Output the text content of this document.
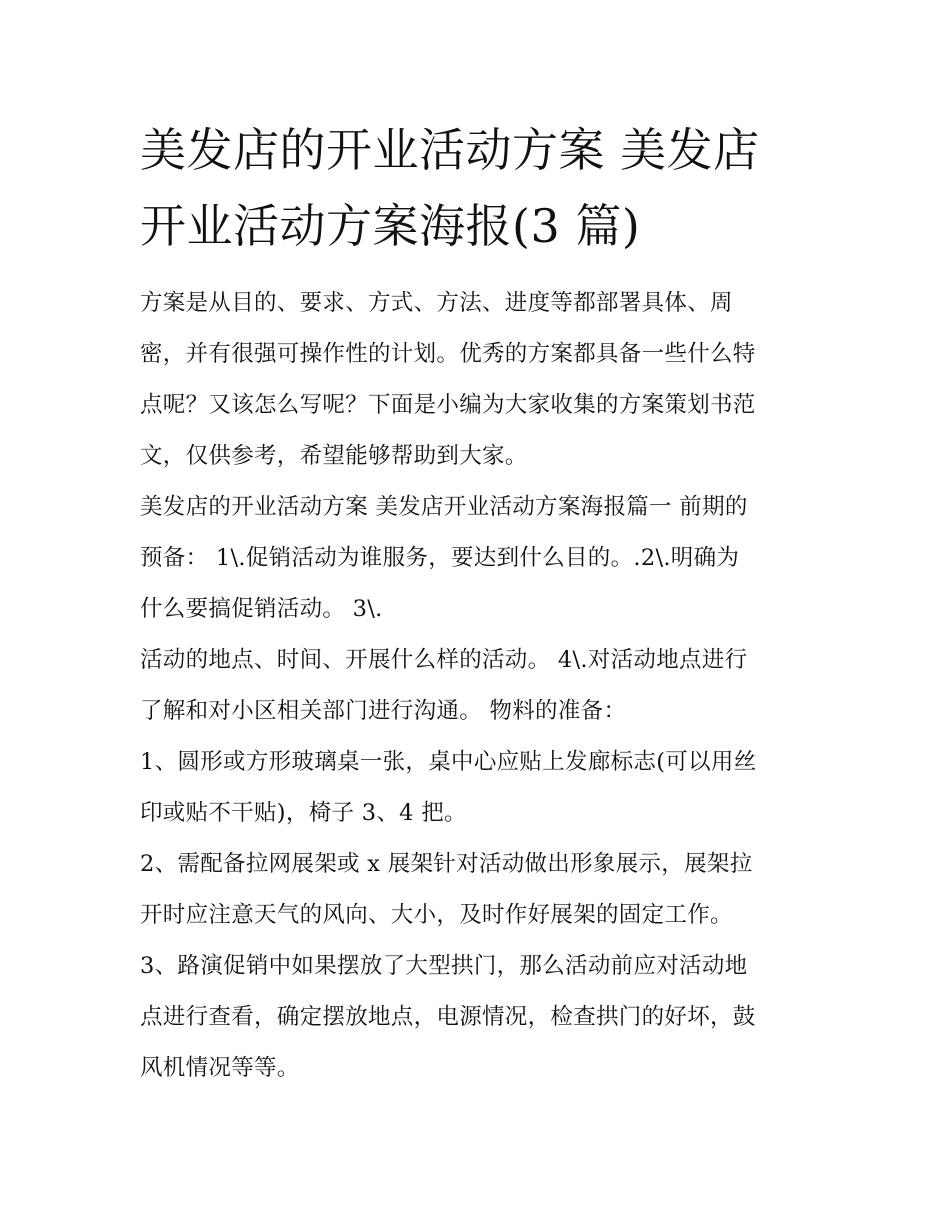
美发店的开业活动方案 美发店
开业活动方案海报(3 篇)
方案是从目的、要求、方式、方法、进度等都部署具体、周
密，并有很强可操作性的计划。优秀的方案都具备一些什么特
点呢？又该怎么写呢？下面是小编为大家收集的方案策划书范
文，仅供参考，希望能够帮助到大家。
美发店的开业活动方案 美发店开业活动方案海报篇一 前期的
预备： 1\.促销活动为谁服务，要达到什么目的。.2\.明确为
什么要搞促销活动。 3\.
活动的地点、时间、开展什么样的活动。 4\.对活动地点进行
了解和对小区相关部门进行沟通。 物料的准备：
1、圆形或方形玻璃桌一张，桌中心应贴上发廊标志(可以用丝
印或贴不干贴)，椅子 3、4 把。
2、需配备拉网展架或 x 展架针对活动做出形象展示，展架拉
开时应注意天气的风向、大小，及时作好展架的固定工作。
3、路演促销中如果摆放了大型拱门，那么活动前应对活动地
点进行查看，确定摆放地点，电源情况，检查拱门的好坏，鼓
风机情况等等。
